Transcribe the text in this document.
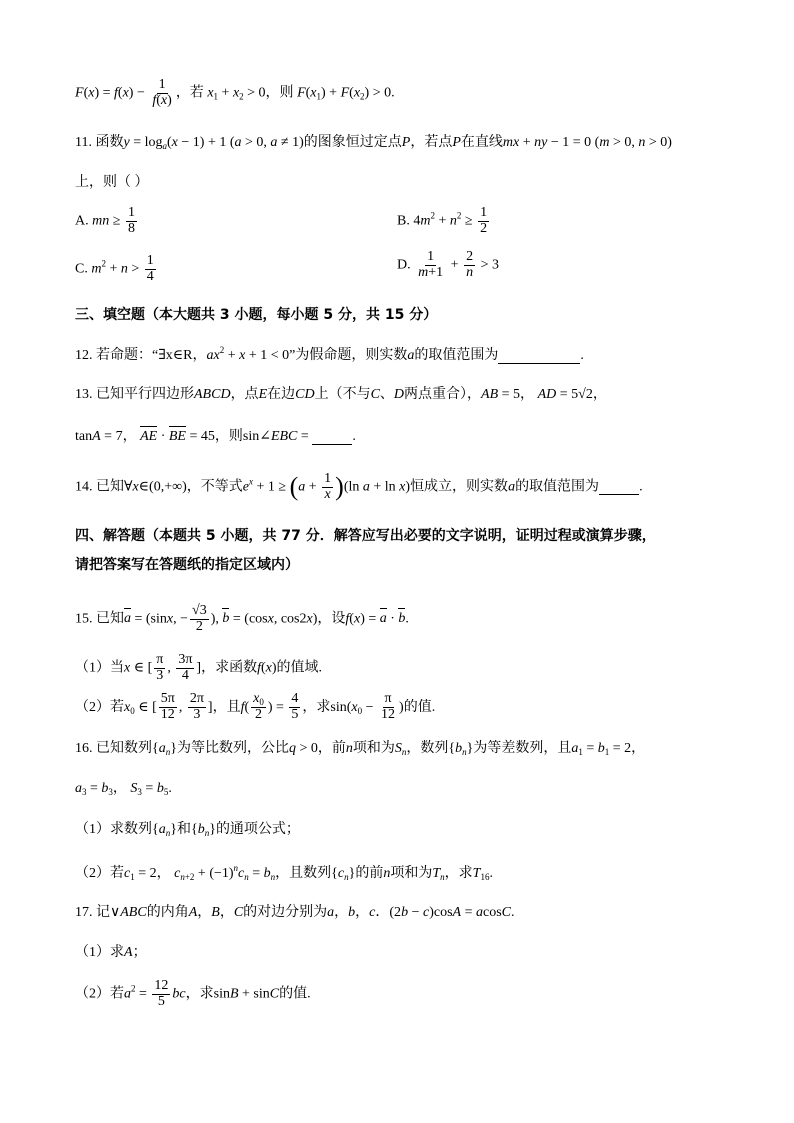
$F(x) = f(x) - \frac{1}{f(x)}$ ，若 $x_1 + x_2 > 0$，则 $F(x_1) + F(x_2) > 0$.
11. 函数$y = \log_a(x - 1) + 1$ (a > 0, a ≠ 1)的图象恒过定点P，若点P在直线mx + ny − 1 = 0 (m > 0, n > 0)
上，则（ ）
A. mn ≥ $\frac{1}{8}$	B. $4m^2 + n^2 \ge \frac{1}{2}$
C. $m^2 + n > \frac{1}{4}$	D. $\frac{1}{m+1} + \frac{2}{n} > 3$
三、填空题（本大题共 3 小题，每小题 5 分，共 15 分）
12. 若命题：“∃x∈R，$ax^2 + x + 1 < 0$”为假命题，则实数a的取值范围为	.
13. 已知平行四边形ABCD，点E在边CD上（不与C、D两点重合），AB = 5， AD = 5√2，
tanA = 7， AE · BE = 45，则sin∠EBC =	.
14. 已知∀x∈(0,+∞)，不等式$e^x + 1 \ge (a + \frac{1}{x} )(\ln$ a + ln x)恒成立，则实数a的取值范围为	.
四、解答题（本题共 5 小题，共 77 分．解答应写出必要的文字说明，证明过程或演算步骤，
请把答案写在答题纸的指定区域内）
15. 已知a = (sinx, − $\frac{√3}{2}$ ), b = (cosx, cos2x)，设f(x) = a · b.
（1）当x ∈ [ $\frac{\pi}{3}$ , $\frac{3\pi}{4}$ ]，求函数f(x)的值域.
（2）若$x_0$ ∈ [ $\frac{5\pi}{12}$ , $\frac{2\pi}{3}$ ]，且$f( \frac{x_0}{2}$ ) = $\frac{4}{5}$ ，求$\sin(x_0 - \frac{\pi}{12}$ )的值.
16. 已知数列$\{a_n\}$为等比数列，公比q > 0，前n项和为$S_n$，数列$\{b_n\}$为等差数列，且$a_1 = b_1 = 2$，
$a_3 = b_3$， $S_3 = b_5$.
（1）求数列$\{a_n\}$和$\{b_n\}$的通项公式；
（2）若$c_1 = 2$， $c_{n+2} + (-1)^nc_n = b_n$，且数列$\{c_n\}$的前n项和为$T_n$，求$T_{16}$.
17. 记∨ABC的内角A，B，C的对边分别为a，b，c．(2b − c)cosA = acosC.
（1）求A；
（2）若$a^2 = \frac{12}{5}$ bc，求sinB + sinC的值.
